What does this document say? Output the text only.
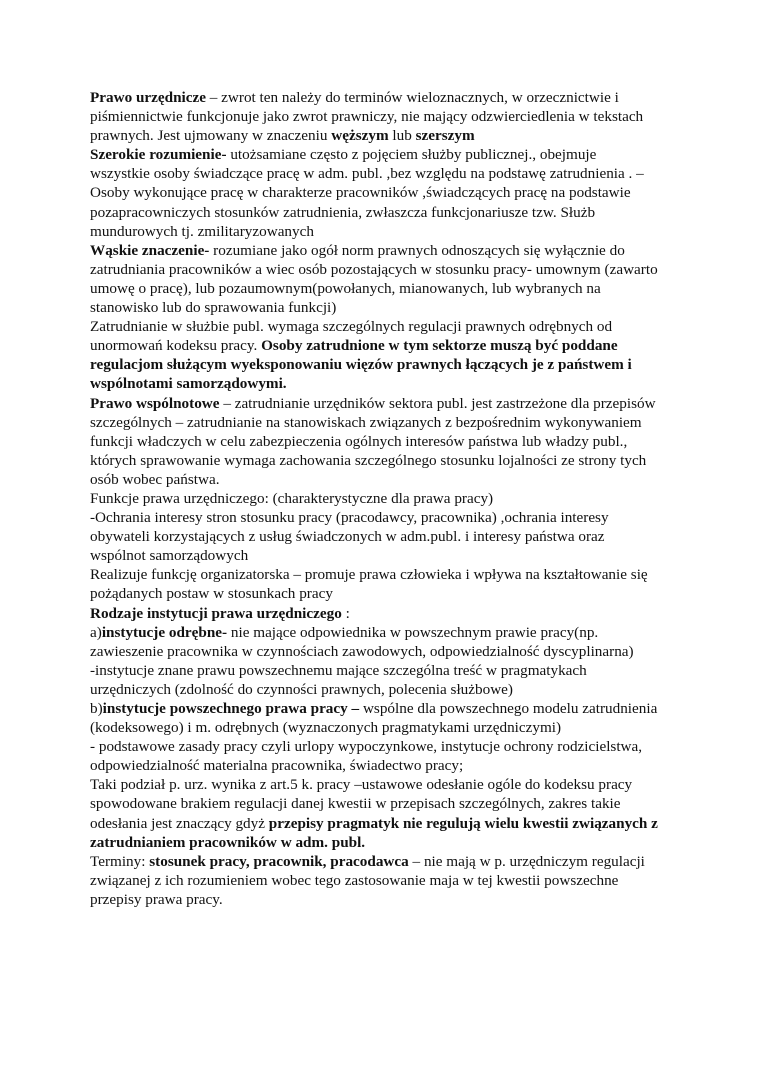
Prawo urzędnicze – zwrot ten należy do terminów wieloznacznych, w orzecznictwie i
piśmiennictwie funkcjonuje jako zwrot prawniczy, nie mający odzwierciedlenia w tekstach
prawnych. Jest ujmowany w znaczeniu węższym lub szerszym
Szerokie rozumienie- utożsamiane często z pojęciem służby publicznej., obejmuje
wszystkie osoby świadczące pracę w adm. publ. ,bez względu na podstawę zatrudnienia . –
Osoby wykonujące pracę w charakterze pracowników ,świadczących pracę na podstawie
pozapracowniczych stosunków zatrudnienia, zwłaszcza funkcjonariusze tzw. Służb
mundurowych tj. zmilitaryzowanych
Wąskie znaczenie- rozumiane jako ogół norm prawnych odnoszących się wyłącznie do
zatrudniania pracowników a wiec osób pozostających w stosunku pracy- umownym (zawarto
umowę o pracę), lub pozaumownym(powołanych, mianowanych, lub wybranych na
stanowisko lub do sprawowania funkcji)
Zatrudnianie w służbie publ. wymaga szczególnych regulacji prawnych odrębnych od
unormowań kodeksu pracy. Osoby zatrudnione w tym sektorze muszą być poddane
regulacjom służącym wyeksponowaniu więzów prawnych łączących je z państwem i
wspólnotami samorządowymi.
Prawo wspólnotowe – zatrudnianie urzędników sektora publ. jest zastrzeżone dla przepisów
szczególnych – zatrudnianie na stanowiskach związanych z bezpośrednim wykonywaniem
funkcji władczych w celu zabezpieczenia ogólnych interesów państwa lub władzy publ.,
których sprawowanie wymaga zachowania szczególnego stosunku lojalności ze strony tych
osób wobec państwa.
Funkcje prawa urzędniczego: (charakterystyczne dla prawa pracy)
-Ochrania interesy stron stosunku pracy (pracodawcy, pracownika) ,ochrania interesy
obywateli korzystających z usług świadczonych w adm.publ. i interesy państwa oraz
wspólnot samorządowych
Realizuje funkcję organizatorska – promuje prawa człowieka i wpływa na kształtowanie się
pożądanych postaw w stosunkach pracy
Rodzaje instytucji prawa urzędniczego :
a)instytucje odrębne- nie mające odpowiednika w powszechnym prawie pracy(np.
zawieszenie pracownika w czynnościach zawodowych, odpowiedzialność dyscyplinarna)
-instytucje znane prawu powszechnemu mające szczególna treść w pragmatykach
urzędniczych (zdolność do czynności prawnych, polecenia służbowe)
b)instytucje powszechnego prawa pracy – wspólne dla powszechnego modelu zatrudnienia
(kodeksowego) i m. odrębnych (wyznaczonych pragmatykami urzędniczymi)
- podstawowe zasady pracy czyli urlopy wypoczynkowe, instytucje ochrony rodzicielstwa,
odpowiedzialność materialna pracownika, świadectwo pracy;
Taki podział p. urz. wynika z art.5 k. pracy –ustawowe odesłanie ogóle do kodeksu pracy
spowodowane brakiem regulacji danej kwestii w przepisach szczególnych, zakres takie
odesłania jest znaczący gdyż przepisy pragmatyk nie regulują wielu kwestii związanych z
zatrudnianiem pracowników w adm. publ.
Terminy: stosunek pracy, pracownik, pracodawca – nie mają w p. urzędniczym regulacji
związanej z ich rozumieniem wobec tego zastosowanie maja w tej kwestii powszechne
przepisy prawa pracy.
